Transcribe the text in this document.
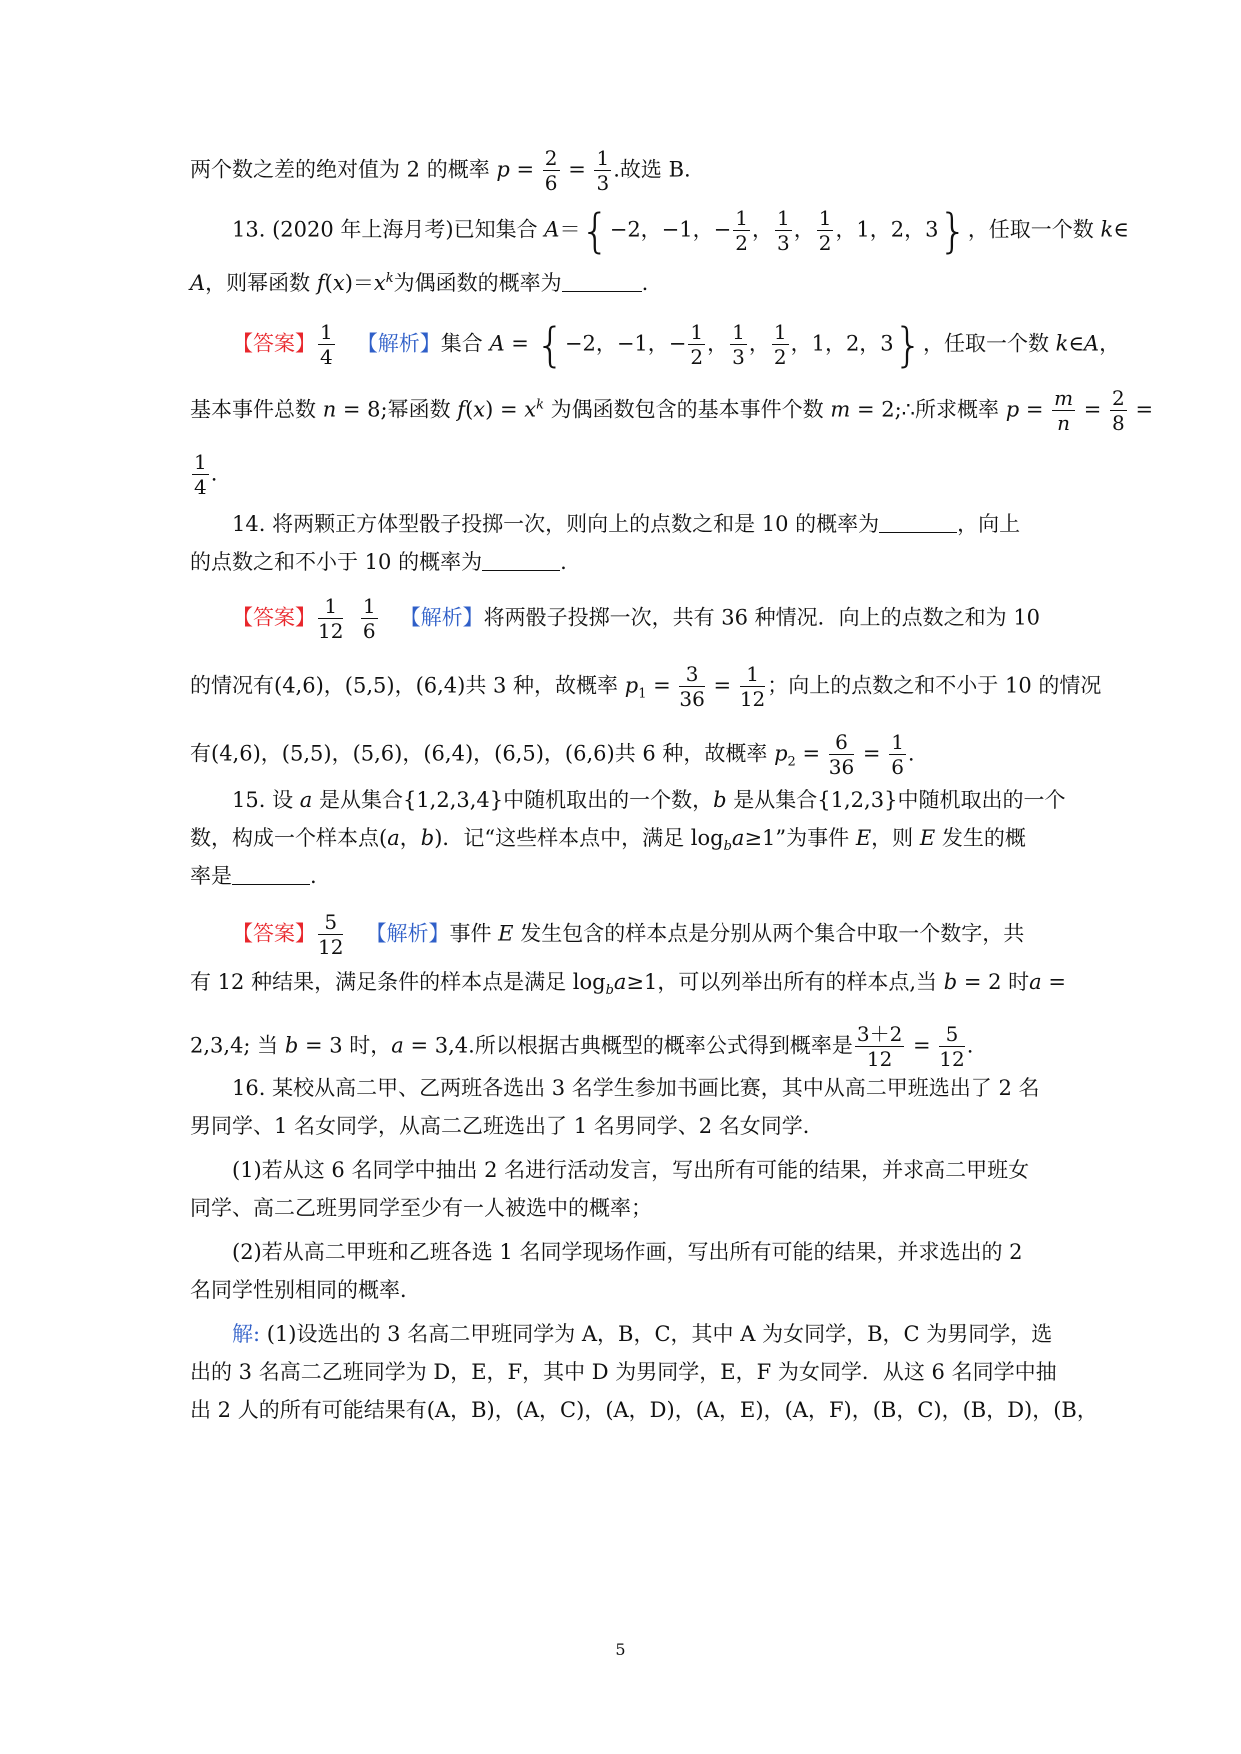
两个数之差的绝对值为 2 的概率 $p = \frac{2}{6} = \frac{1}{3}$ .故选 B.
13. (2020 年上海月考)已知集合 A＝{−2，−1，− $\frac{1}{2}$ ， $\frac{1}{3}$ ， $\frac{1}{2}$ ，1，2，3}，任取一个数 k∈
A，则幂函数 $f(x)=x^k$为偶函数的概率为	.
【答案】 $\frac{1}{4}$ 【解析】集合 A = {−2，−1，− $\frac{1}{2}$ ， $\frac{1}{3}$ ， $\frac{1}{2}$ ，1，2，3}，任取一个数 k∈A，
基本事件总数 n = 8;幂函数 $f(x) = x^k$ 为偶函数包含的基本事件个数 m = 2;∴所求概率 $p = \frac{m}{n} = \frac{2}{8}$ =
$\frac{1}{4}$ .
14. 将两颗正方体型骰子投掷一次，则向上的点数之和是 10 的概率为	，向上
的点数之和不小于 10 的概率为	.
【答案】 $\frac{1}{12}$
$\frac{1}{6}$ 【解析】将两骰子投掷一次，共有 36 种情况．向上的点数之和为 10
的情况有(4,6)，(5,5)，(6,4)共 3 种，故概率 $p_1 = \frac{3}{36} = \frac{1}{12}$ ；向上的点数之和不小于 10 的情况
有(4,6)，(5,5)，(5,6)，(6,4)，(6,5)，(6,6)共 6 种，故概率 $p_2 = \frac{6}{36} = \frac{1}{6}$ .
15. 设 a 是从集合{1,2,3,4}中随机取出的一个数，b 是从集合{1,2,3}中随机取出的一个
数，构成一个样本点(a，b)．记“这些样本点中，满足 $\log_ba\ge 1$”为事件 E，则 E 发生的概
率是	.
【答案】 $\frac{5}{12}$ 【解析】事件 E 发生包含的样本点是分别从两个集合中取一个数字，共
有 12 种结果，满足条件的样本点是满足 $\log_ba\ge 1$，可以列举出所有的样本点,当 b = 2 时a =
2,3,4; 当 b = 3 时，a = 3,4.所以根据古典概型的概率公式得到概率是 $\frac{3+2}{12} = \frac{5}{12}$ .
16. 某校从高二甲、乙两班各选出 3 名学生参加书画比赛，其中从高二甲班选出了 2 名
男同学、1 名女同学，从高二乙班选出了 1 名男同学、2 名女同学．
(1)若从这 6 名同学中抽出 2 名进行活动发言，写出所有可能的结果，并求高二甲班女
同学、高二乙班男同学至少有一人被选中的概率；
(2)若从高二甲班和乙班各选 1 名同学现场作画，写出所有可能的结果，并求选出的 2
名同学性别相同的概率．
解: (1)设选出的 3 名高二甲班同学为 A，B，C，其中 A 为女同学，B，C 为男同学，选
出的 3 名高二乙班同学为 D，E，F，其中 D 为男同学，E，F 为女同学．从这 6 名同学中抽
出 2 人的所有可能结果有(A，B)，(A，C)，(A，D)，(A，E)，(A，F)，(B，C)，(B，D)，(B，
5
